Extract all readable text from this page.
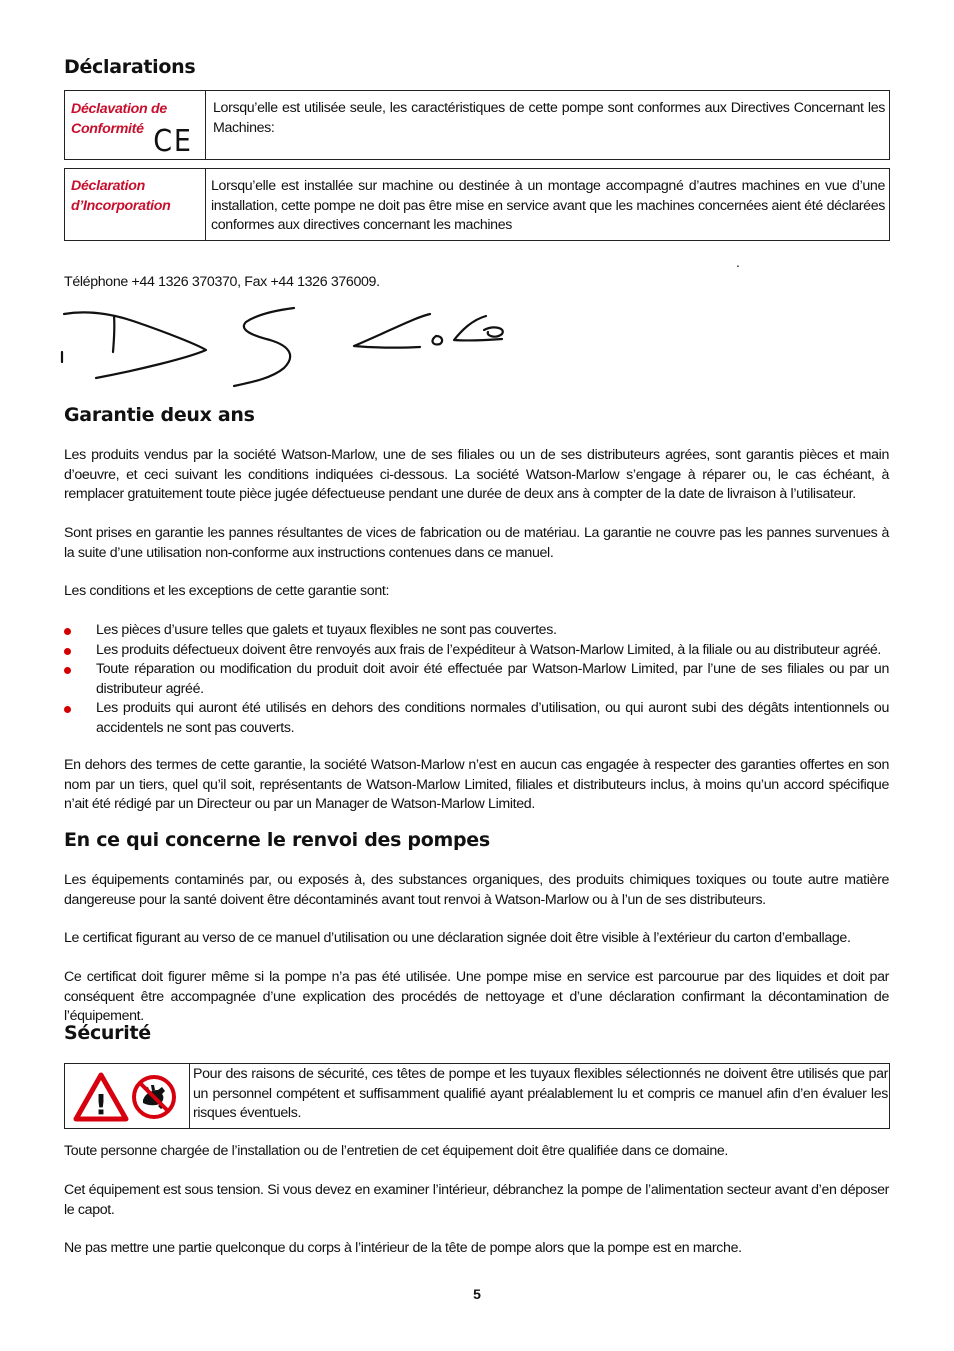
Déclarations
Déclavation de
Conformité CE
Lorsqu’elle est utilisée seule, les caractéristiques de cette pompe sont conformes aux Directives Concernant les Machines:
Déclaration
d’Incorporation
Lorsqu’elle est installée sur machine ou destinée à un montage accompagné d’autres machines en vue d’une installation, cette pompe ne doit pas être mise en service avant que les machines concernées aient été déclarées conformes aux directives concernant les machines
.

Téléphone +44 1326 370370, Fax +44 1326 376009.

Garantie deux ans

Les produits vendus par la société Watson-Marlow, une de ses filiales ou un de ses distributeurs agrées, sont garantis pièces et main d’oeuvre, et ceci suivant les conditions indiquées ci-dessous. La société Watson-Marlow s’engage à réparer ou, le cas échéant, à remplacer gratuitement toute pièce jugée défectueuse pendant une durée de deux ans à compter de la date de livraison à l’utilisateur.

Sont prises en garantie les pannes résultantes de vices de fabrication ou de matériau. La garantie ne couvre pas les pannes survenues à la suite d’une utilisation non-conforme aux instructions contenues dans ce manuel.

Les conditions et les exceptions de cette garantie sont:

Les pièces d’usure telles que galets et tuyaux flexibles ne sont pas couvertes.
Les produits défectueux doivent être renvoyés aux frais de l’expéditeur à Watson-Marlow Limited, à la filiale ou au distributeur agréé.
Toute réparation ou modification du produit doit avoir été effectuée par Watson-Marlow Limited, par l’une de ses filiales ou par un distributeur agréé.
Les produits qui auront été utilisés en dehors des conditions normales d’utilisation, ou qui auront subi des dégâts intentionnels ou accidentels ne sont pas couverts.

En dehors des termes de cette garantie, la société Watson-Marlow n’est en aucun cas engagée à respecter des garanties offertes en son nom par un tiers, quel qu’il soit, représentants de Watson-Marlow Limited, filiales et distributeurs inclus, à moins qu’un accord spécifique n’ait été rédigé par un Directeur ou par un Manager de Watson-Marlow Limited.

En ce qui concerne le renvoi des pompes

Les équipements contaminés par, ou exposés à, des substances organiques, des produits chimiques toxiques ou toute autre matière dangereuse pour la santé doivent être décontaminés avant tout renvoi à Watson-Marlow ou à l’un de ses distributeurs.

Le certificat figurant au verso de ce manuel d’utilisation ou une déclaration signée doit être visible à l’extérieur du carton d’emballage.

Ce certificat doit figurer même si la pompe n’a pas été utilisée. Une pompe mise en service est parcourue par des liquides et doit par conséquent être accompagnée d’une explication des procédés de nettoyage et d’une déclaration confirmant la décontamination de l’équipement.

Sécurité
!
Pour des raisons de sécurité, ces têtes de pompe et les tuyaux flexibles sélectionnés ne doivent être utilisés que par un personnel compétent et suffisamment qualifié ayant préalablement lu et compris ce manuel afin d’en évaluer les risques éventuels.

Toute personne chargée de l’installation ou de l’entretien de cet équipement doit être qualifiée dans ce domaine.

Cet équipement est sous tension. Si vous devez en examiner l’intérieur, débranchez la pompe de l’alimentation secteur avant d’en déposer le capot.

Ne pas mettre une partie quelconque du corps à l’intérieur de la tête de pompe alors que la pompe est en marche.

5
